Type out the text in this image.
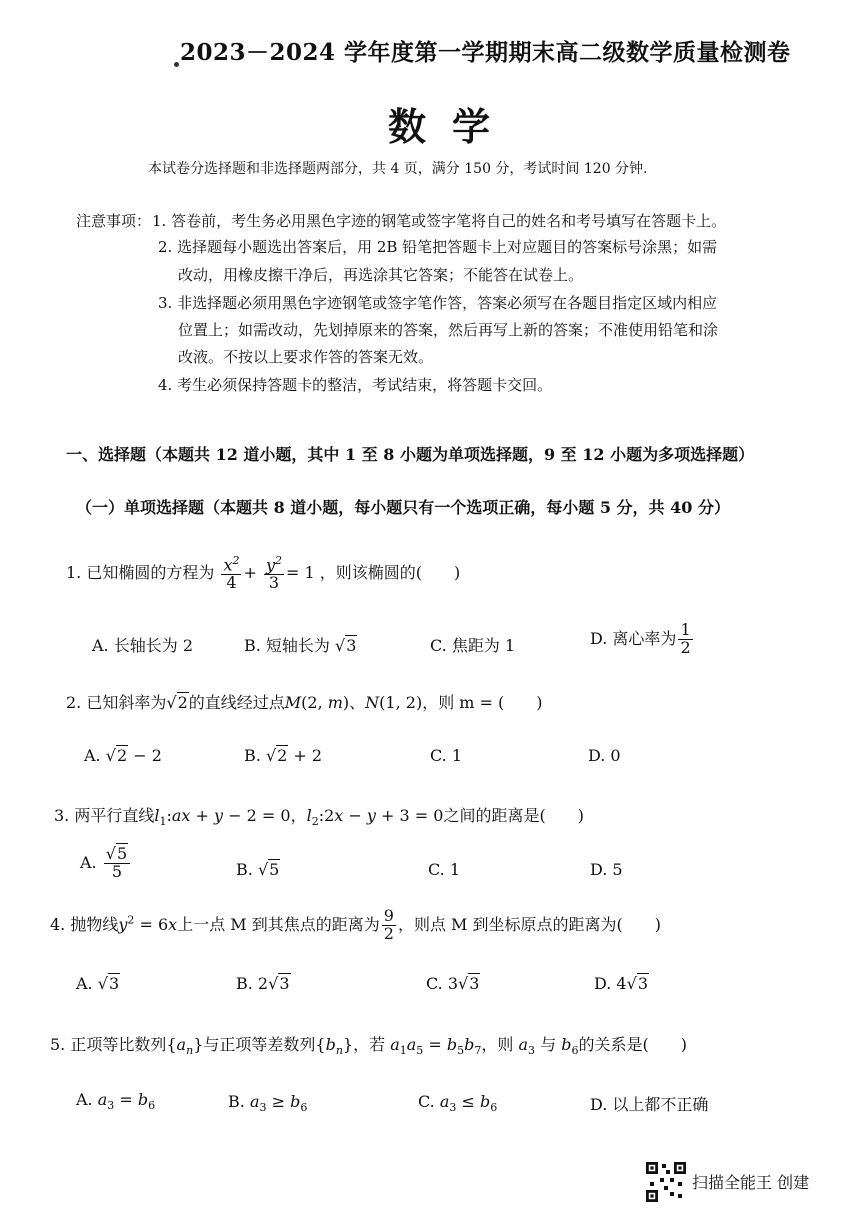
2023－2024 学年度第一学期期末高二级数学质量检测卷
数学
本试卷分选择题和非选择题两部分，共 4 页，满分 150 分，考试时间 120 分钟.
注意事项： 1. 答卷前，考生务必用黑色字迹的钢笔或签字笔将自己的姓名和考号填写在答题卡上。
2. 选择题每小题选出答案后，用 2B 铅笔把答题卡上对应题目的答案标号涂黑；如需
改动，用橡皮擦干净后，再选涂其它答案；不能答在试卷上。
3. 非选择题必须用黑色字迹钢笔或签字笔作答，答案必须写在各题目指定区域内相应
位置上；如需改动，先划掉原来的答案，然后再写上新的答案；不准使用铅笔和涂
改液。不按以上要求作答的答案无效。
4. 考生必须保持答题卡的整洁，考试结束，将答题卡交回。
一、选择题（本题共 12 道小题，其中 1 至 8 小题为单项选择题，9 至 12 小题为多项选择题）
（一）单项选择题（本题共 8 道小题，每小题只有一个选项正确，每小题 5 分，共 40 分）
1. 已知椭圆的方程为 $\frac{x^2}{4} + \frac{y^2}{3} = 1$ ，则该椭圆的(　　)
A. 长轴长为 2	B. 短轴长为 √3	C. 焦距为 1	D. 离心率为 $\frac{1}{2}$
2. 已知斜率为√2的直线经过点M(2, m)、N(1, 2)，则 m = (　　)
A. √2 − 2	B. √2 + 2	C. 1	D. 0
3. 两平行直线$l_1:ax + y - 2 = 0$，$l_2:2x - y + 3 = 0$之间的距离是(　　)
A. $\frac{√5}{5}$	B. √5	C. 1	D. 5
4. 抛物线$y^2 = 6x$上一点 M 到其焦点的距离为 $\frac{9}{2}$ ，则点 M 到坐标原点的距离为(　　)
A. √3	B. 2√3	C. 3√3	D. 4√3
5. 正项等比数列$\{a_n\}$与正项等差数列$\{b_n\}$，若 $a_1a_5 = b_5b_7$，则 $a_3$ 与 $b_6$的关系是(　　)
A. $a_3 = b_6$	B. $a_3 \ge b_6$	C. $a_3 \le b_6$	D. 以上都不正确
扫描全能王 创建
